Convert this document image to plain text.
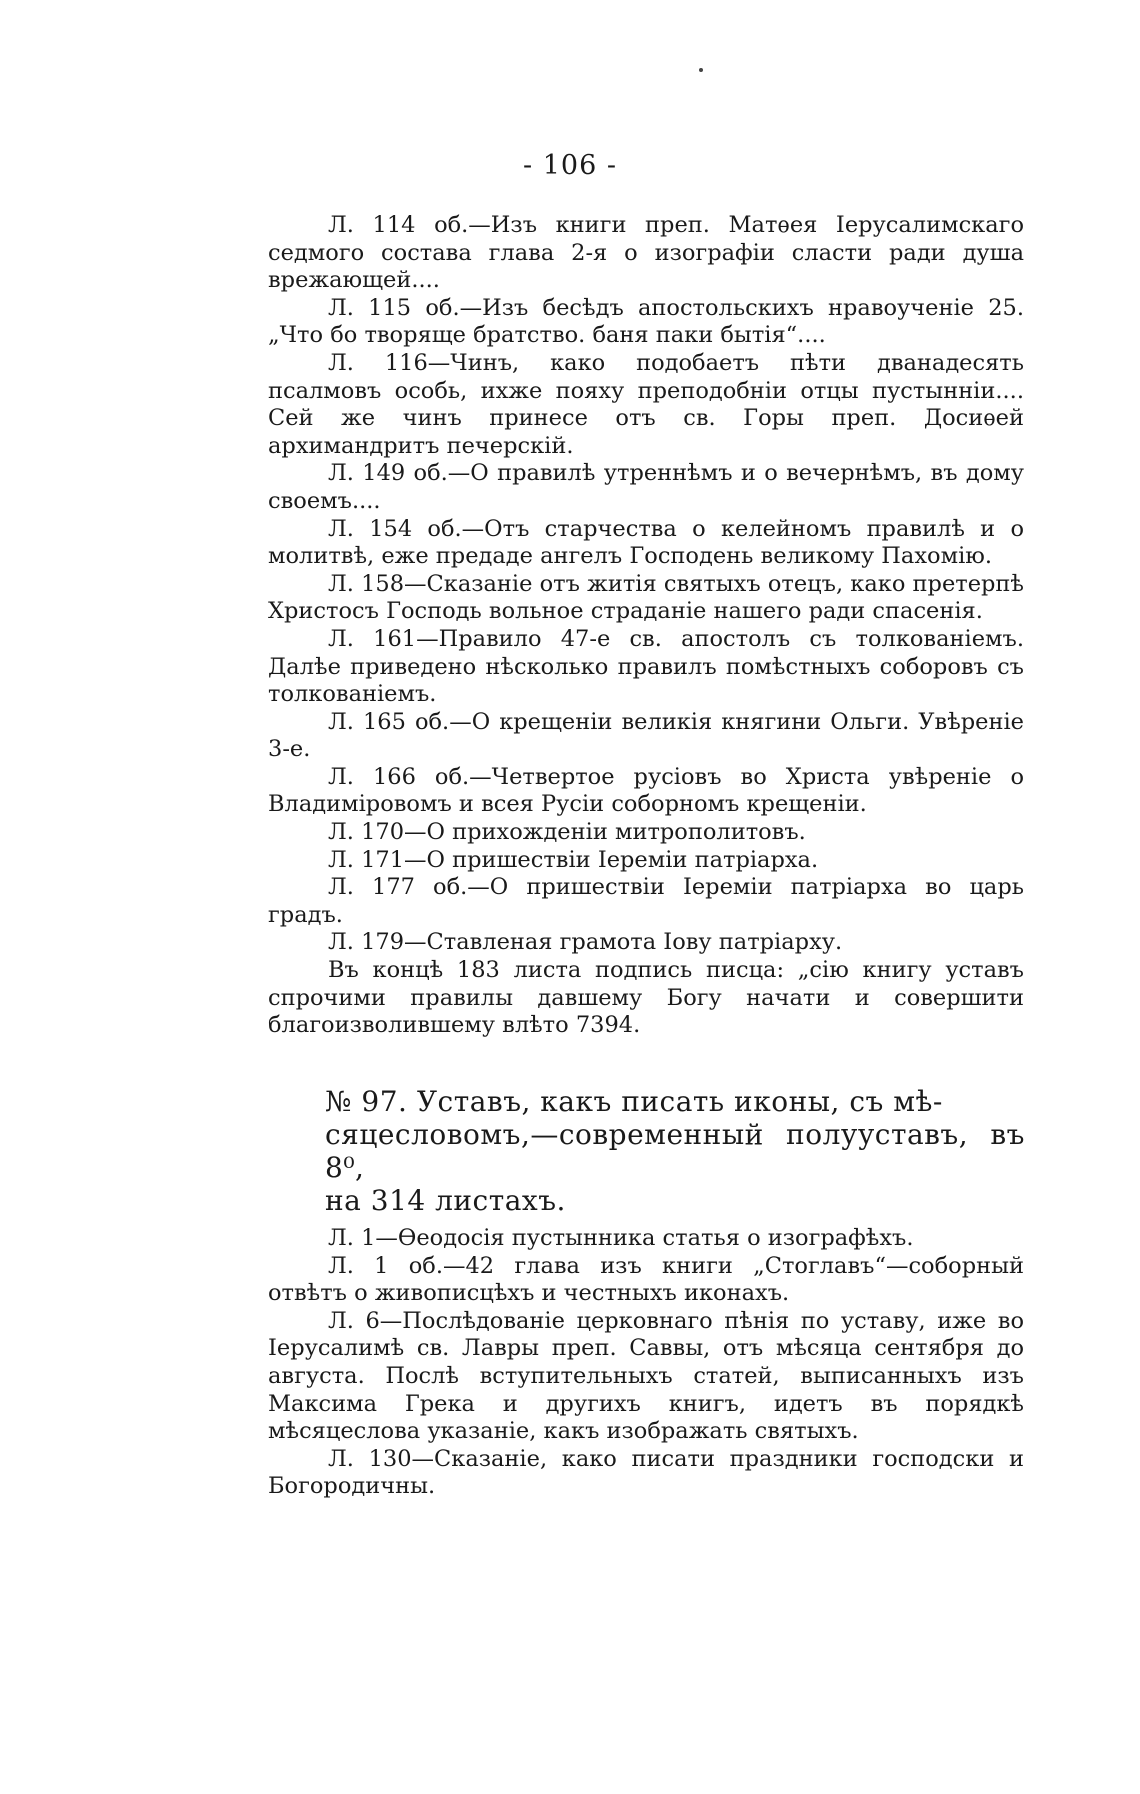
- 106 -

Л. 114 об.—Изъ книги преп. Матѳея Іерусалимскаго седмого состава глава 2-я о изографіи сласти ради душа врежающей....

Л. 115 об.—Изъ бесѣдъ апостольскихъ нравоученіе 25. „Что бо творяще братство. баня паки бытія“....

Л. 116—Чинъ, како подобаетъ пѣти дванадесять псалмовъ особь, ихже пояху преподобніи отцы пустынніи.... Сей же чинъ принесе отъ св. Горы преп. Досиѳей архимандритъ печерскій.

Л. 149 об.—О правилѣ утреннѣмъ и о вечернѣмъ, въ дому своемъ....

Л. 154 об.—Отъ старчества о келейномъ правилѣ и о молитвѣ, еже предаде ангелъ Господень великому Пахомію.

Л. 158—Сказаніе отъ житія святыхъ отецъ, како претерпѣ Христосъ Господь вольное страданіе нашего ради спасенія.

Л. 161—Правило 47-е св. апостолъ съ толкованіемъ. Далѣе приведено нѣсколько правилъ помѣстныхъ соборовъ съ толкованіемъ.

Л. 165 об.—О крещеніи великія княгини Ольги. Увѣреніе 3-е.

Л. 166 об.—Четвертое русіовъ во Христа увѣреніе о Владиміровомъ и всея Русіи соборномъ крещеніи.

Л. 170—О прихожденіи митрополитовъ.

Л. 171—О пришествіи Іереміи патріарха.

Л. 177 об.—О пришествіи Іереміи патріарха во царь градъ.

Л. 179—Ставленая грамота Іову патріарху.

Въ концѣ 183 листа подпись писца: „сію книгу уставъ спрочими правилы давшему Богу начати и совершити благоизволившему влѣто 7394.

№ 97. Уставъ, какъ писать иконы, съ мѣ-
сяцесловомъ,—современный полууставъ, въ 8⁰,
на 314 листахъ.

Л. 1—Ѳеодосія пустынника статья о изографѣхъ.

Л. 1 об.—42 глава изъ книги „Стоглавъ“—соборный отвѣтъ о живописцѣхъ и честныхъ иконахъ.

Л. 6—Послѣдованіе церковнаго пѣнія по уставу, иже во Іерусалимѣ св. Лавры преп. Саввы, отъ мѣсяца сентября до августа. Послѣ вступительныхъ статей, выписанныхъ изъ Максима Грека и другихъ книгъ, идетъ въ порядкѣ мѣсяцеслова указаніе, какъ изображать святыхъ.

Л. 130—Сказаніе, како писати праздники господски и Богородичны.
